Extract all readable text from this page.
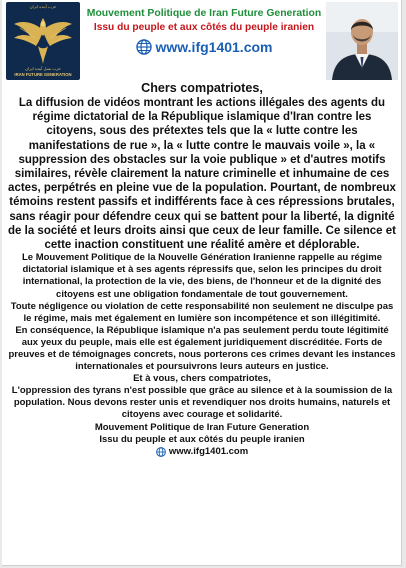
حزب آینده ایران
حزب نسل آینده ایران
IRAN FUTURE GENERATION
Mouvement Politique de Iran Future Generation
Issu du peuple et aux côtés du peuple iranien
www.ifg1401.com

Chers compatriotes,

La diffusion de vidéos montrant les actions illégales des agents du régime dictatorial de la République islamique d'Iran contre les citoyens, sous des prétextes tels que la « lutte contre les manifestations de rue », la « lutte contre le mauvais voile », la « suppression des obstacles sur la voie publique » et d'autres motifs similaires, révèle clairement la nature criminelle et inhumaine de ces actes, perpétrés en pleine vue de la population. Pourtant, de nombreux témoins restent passifs et indifférents face à ces répressions brutales, sans réagir pour défendre ceux qui se battent pour la liberté, la dignité de la société et leurs droits ainsi que ceux de leur famille. Ce silence et cette inaction constituent une réalité amère et déplorable.

Le Mouvement Politique de la Nouvelle Génération Iranienne rappelle au régime dictatorial islamique et à ses agents répressifs que, selon les principes du droit international, la protection de la vie, des biens, de l'honneur et de la dignité des citoyens est une obligation fondamentale de tout gouvernement.

Toute négligence ou violation de cette responsabilité non seulement ne disculpe pas le régime, mais met également en lumière son incompétence et son illégitimité.

En conséquence, la République islamique n'a pas seulement perdu toute légitimité aux yeux du peuple, mais elle est également juridiquement discréditée. Forts de preuves et de témoignages concrets, nous porterons ces crimes devant les instances internationales et poursuivrons leurs auteurs en justice.

Et à vous, chers compatriotes,

L'oppression des tyrans n'est possible que grâce au silence et à la soumission de la population. Nous devons rester unis et revendiquer nos droits humains, naturels et citoyens avec courage et solidarité.

Mouvement Politique de Iran Future Generation

Issu du peuple et aux côtés du peuple iranien

www.ifg1401.com
